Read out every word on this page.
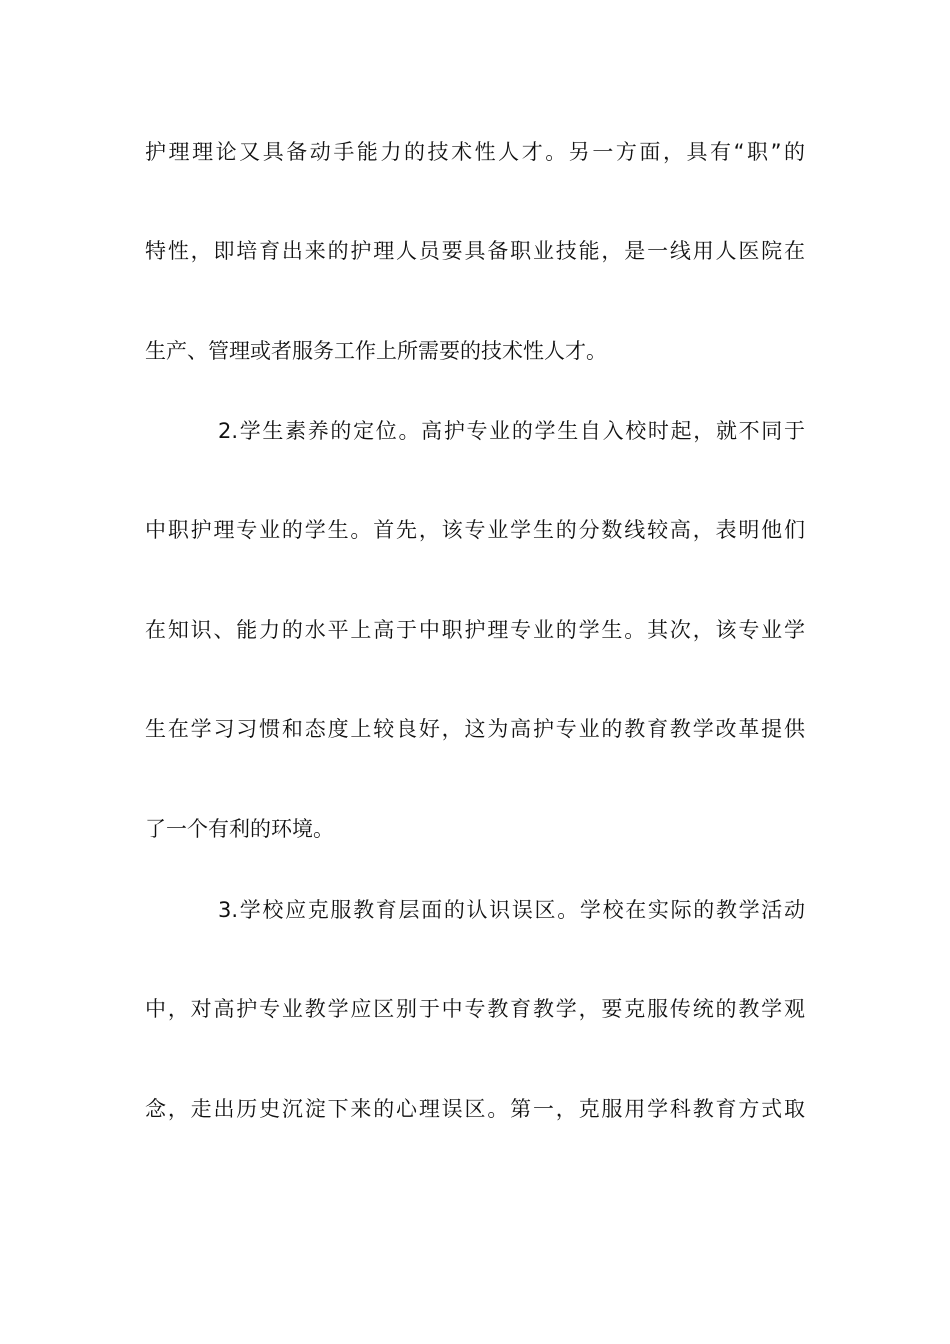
护理理论又具备动手能力的技术性人才。另一方面，具有“职”的
特性，即培育出来的护理人员要具备职业技能，是一线用人医院在
生产、管理或者服务工作上所需要的技术性人才。
2.学生素养的定位。高护专业的学生自入校时起，就不同于
中职护理专业的学生。首先，该专业学生的分数线较高，表明他们
在知识、能力的水平上高于中职护理专业的学生。其次，该专业学
生在学习习惯和态度上较良好，这为高护专业的教育教学改革提供
了一个有利的环境。
3.学校应克服教育层面的认识误区。学校在实际的教学活动
中，对高护专业教学应区别于中专教育教学，要克服传统的教学观
念，走出历史沉淀下来的心理误区。第一，克服用学科教育方式取
